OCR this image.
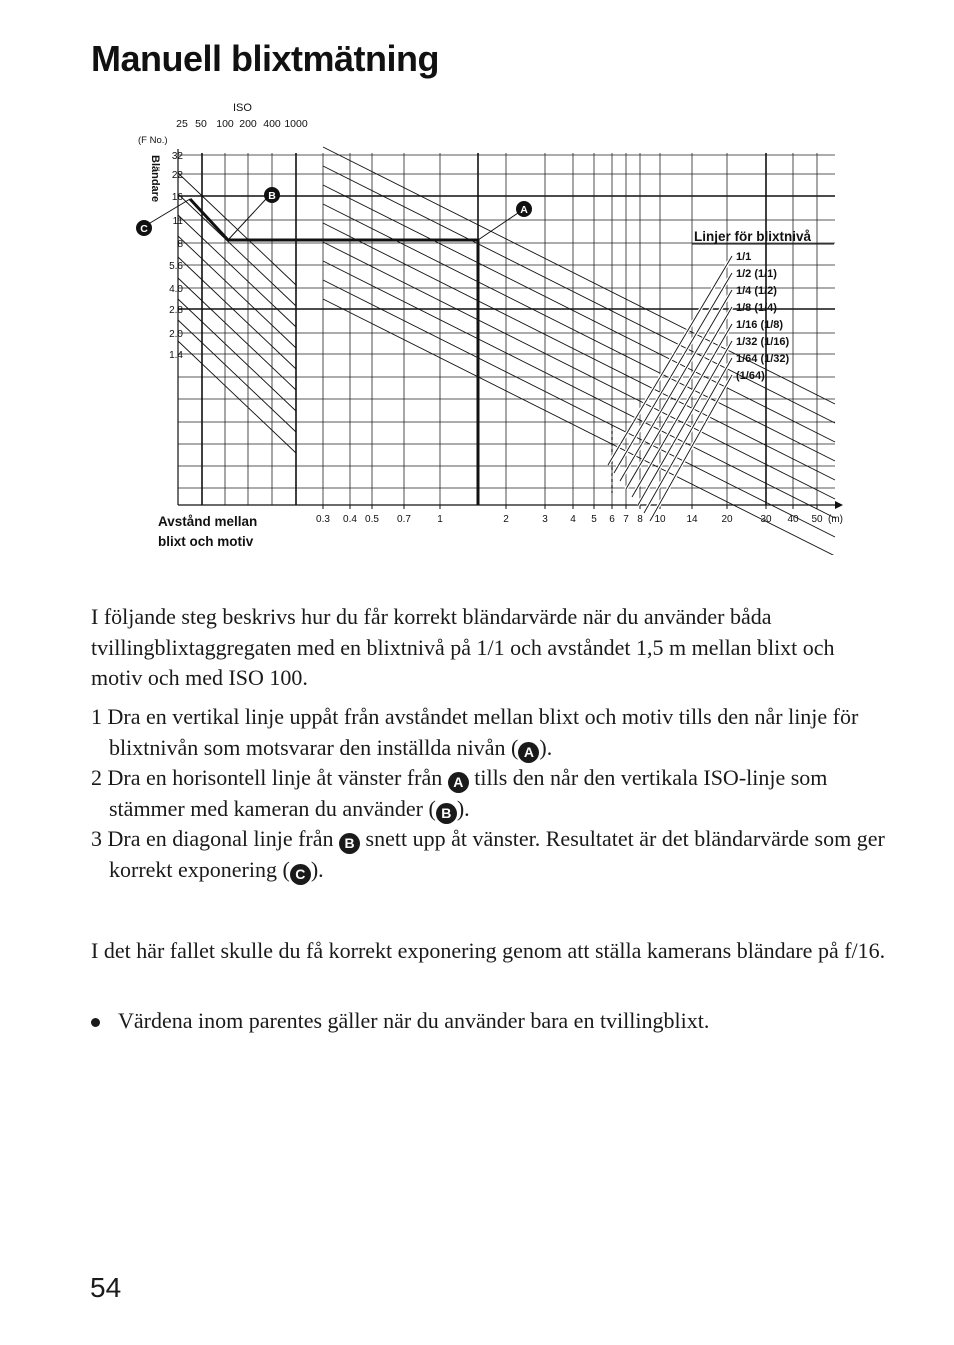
Manuell blixtmätning
ISO
25 50 100 200 400 1000
(F No.)
32
22
16
11
8
5.6
4.0
2.8
2.0
1.4
Bländare
0.3 0.4 0.5 0.7	1	2	3 4 5 6 7 8 10 14 20	30 40 50 (m)
Avstånd mellan
blixt och motiv
Linjer för blixtnivå
1/1
1/2 (1/1)
1/4 (1/2)
1/8 (1/4)
1/16 (1/8)
1/32 (1/16)
1/64 (1/32)
(1/64)
A
B
C

I följande steg beskrivs hur du får korrekt bländarvärde när du använder båda tvillingblixtaggregaten med en blixtnivå på 1/1 och avståndet 1,5 m mellan blixt och motiv och med ISO 100.

1 Dra en vertikal linje uppåt från avståndet mellan blixt och motiv tills den når linje för blixtnivån som motsvarar den inställda nivån ( A ).
2 Dra en horisontell linje åt vänster från A tills den når den vertikala ISO-linje som stämmer med kameran du använder ( B ).
3 Dra en diagonal linje från B snett upp åt vänster. Resultatet är det bländarvärde som ger korrekt exponering ( C ).

I det här fallet skulle du få korrekt exponering genom att ställa kamerans bländare på f/16.

Värdena inom parentes gäller när du använder bara en tvillingblixt.
54
